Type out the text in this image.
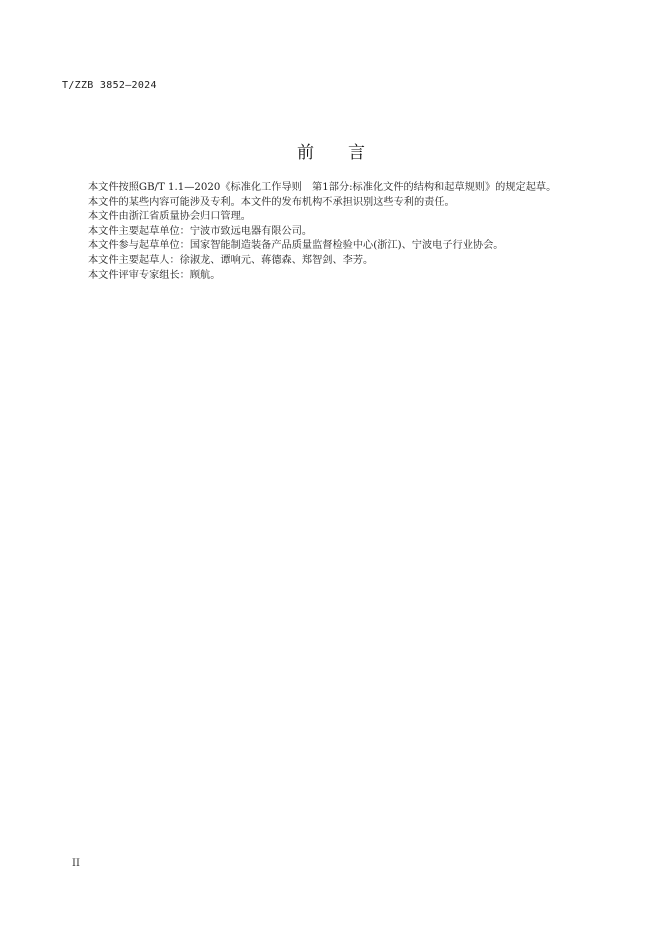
T/ZZB 3852—2024
前言

本文件按照GB/T 1.1—2020《标准化工作导则　第1部分:标准化文件的结构和起草规则》的规定起草。

本文件的某些内容可能涉及专利。本文件的发布机构不承担识别这些专利的责任。

本文件由浙江省质量协会归口管理。

本文件主要起草单位：宁波市致远电器有限公司。

本文件参与起草单位：国家智能制造装备产品质量监督检验中心(浙江)、宁波电子行业协会。

本文件主要起草人：徐淑龙、谭响元、蒋德森、郑智剑、李芳。

本文件评审专家组长：顾航。

II
